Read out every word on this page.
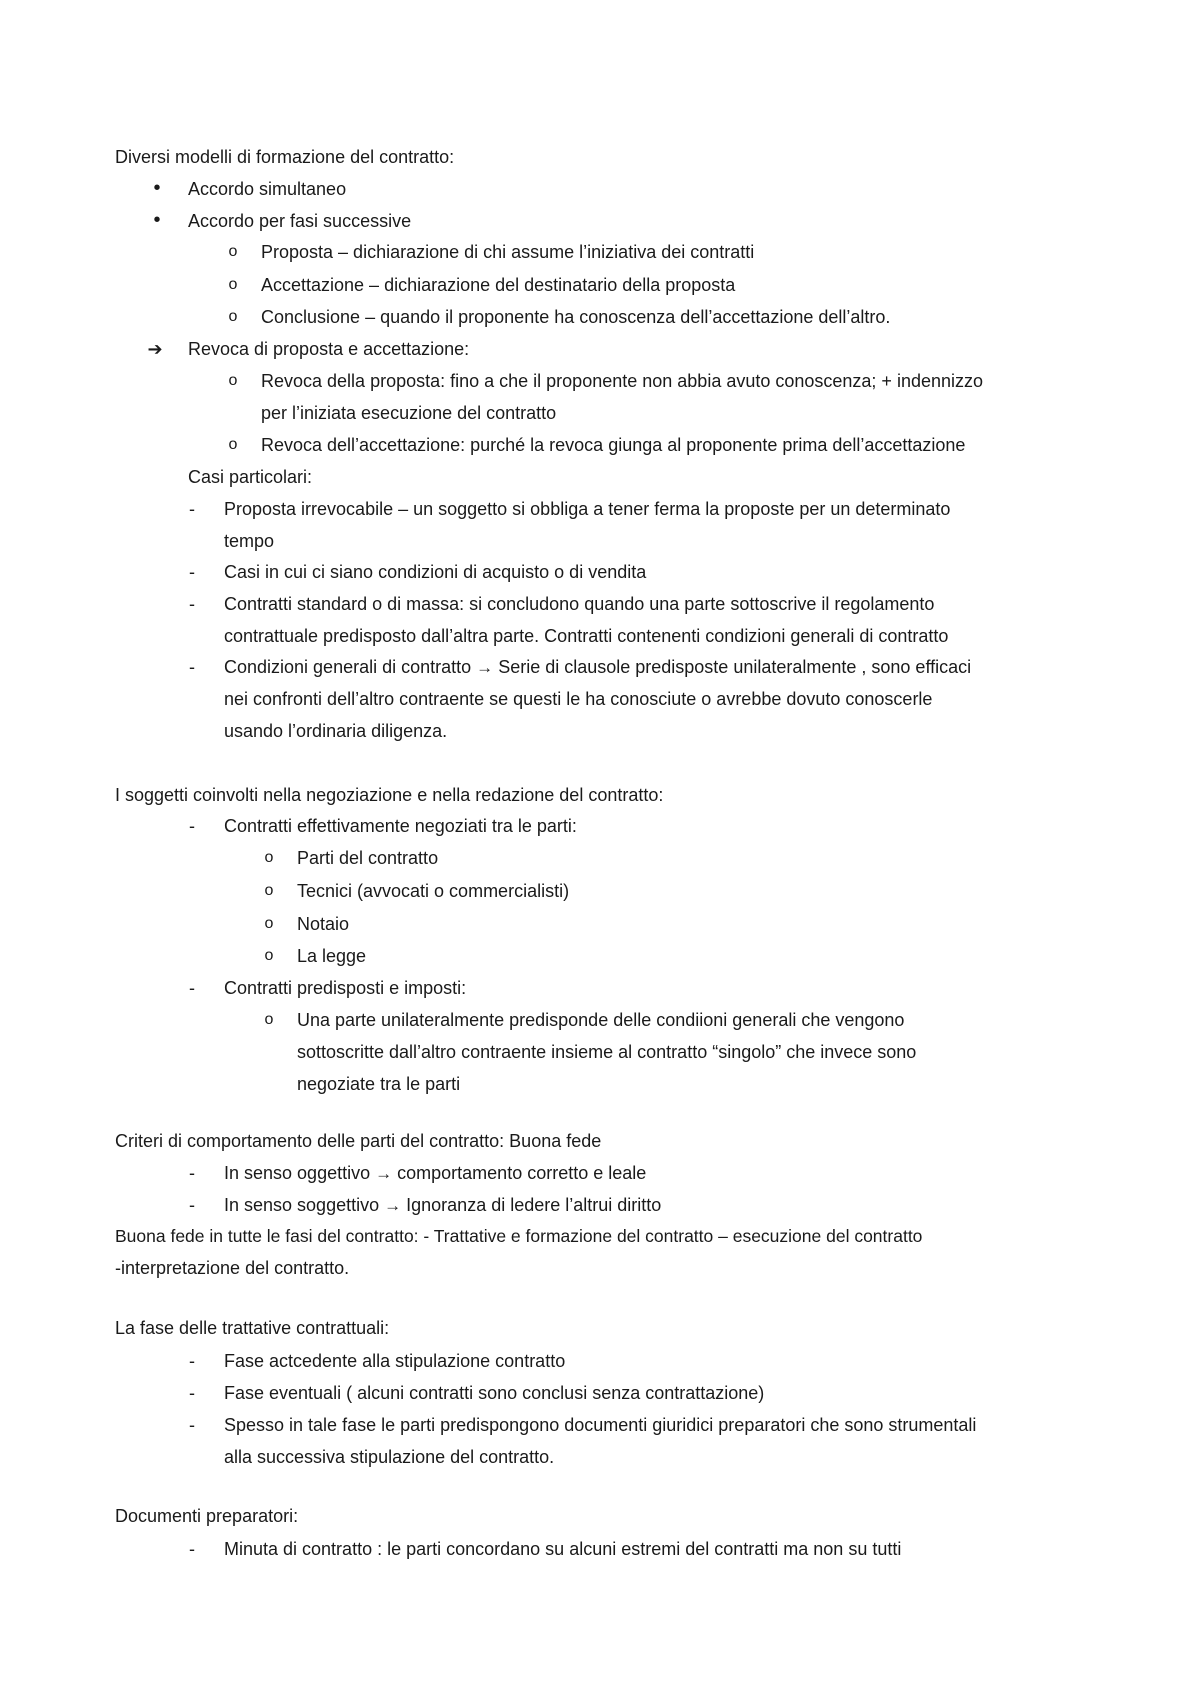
Diversi modelli di formazione del contratto:
• Accordo simultaneo
• Accordo per fasi successive
o Proposta – dichiarazione di chi assume l’iniziativa dei contratti
o Accettazione – dichiarazione del destinatario della proposta
o Conclusione – quando il proponente ha conoscenza dell’accettazione dell’altro.
➔ Revoca di proposta e accettazione:
o Revoca della proposta: fino a che il proponente non abbia avuto conoscenza; + indennizzo
per l’iniziata esecuzione del contratto
o Revoca dell’accettazione: purché la revoca giunga al proponente prima dell’accettazione
Casi particolari:
- Proposta irrevocabile – un soggetto si obbliga a tener ferma la proposte per un determinato
tempo
- Casi in cui ci siano condizioni di acquisto o di vendita
- Contratti standard o di massa: si concludono quando una parte sottoscrive il regolamento
contrattuale predisposto dall’altra parte. Contratti contenenti condizioni generali di contratto
- Condizioni generali di contratto → Serie di clausole predisposte unilateralmente , sono efficaci
nei confronti dell’altro contraente se questi le ha conosciute o avrebbe dovuto conoscerle
usando l’ordinaria diligenza.
I soggetti coinvolti nella negoziazione e nella redazione del contratto:
- Contratti effettivamente negoziati tra le parti:
o Parti del contratto
o Tecnici (avvocati o commercialisti)
o Notaio
o La legge
- Contratti predisposti e imposti:
o Una parte unilateralmente predisponde delle condiioni generali che vengono
sottoscritte dall’altro contraente insieme al contratto “singolo” che invece sono
negoziate tra le parti
Criteri di comportamento delle parti del contratto: Buona fede
- In senso oggettivo → comportamento corretto e leale
- In senso soggettivo → Ignoranza di ledere l’altrui diritto
Buona fede in tutte le fasi del contratto: - Trattative e formazione del contratto – esecuzione del contratto
-interpretazione del contratto.
La fase delle trattative contrattuali:
- Fase actcedente alla stipulazione contratto
- Fase eventuali ( alcuni contratti sono conclusi senza contrattazione)
- Spesso in tale fase le parti predispongono documenti giuridici preparatori che sono strumentali
alla successiva stipulazione del contratto.
Documenti preparatori:
- Minuta di contratto : le parti concordano su alcuni estremi del contratti ma non su tutti
